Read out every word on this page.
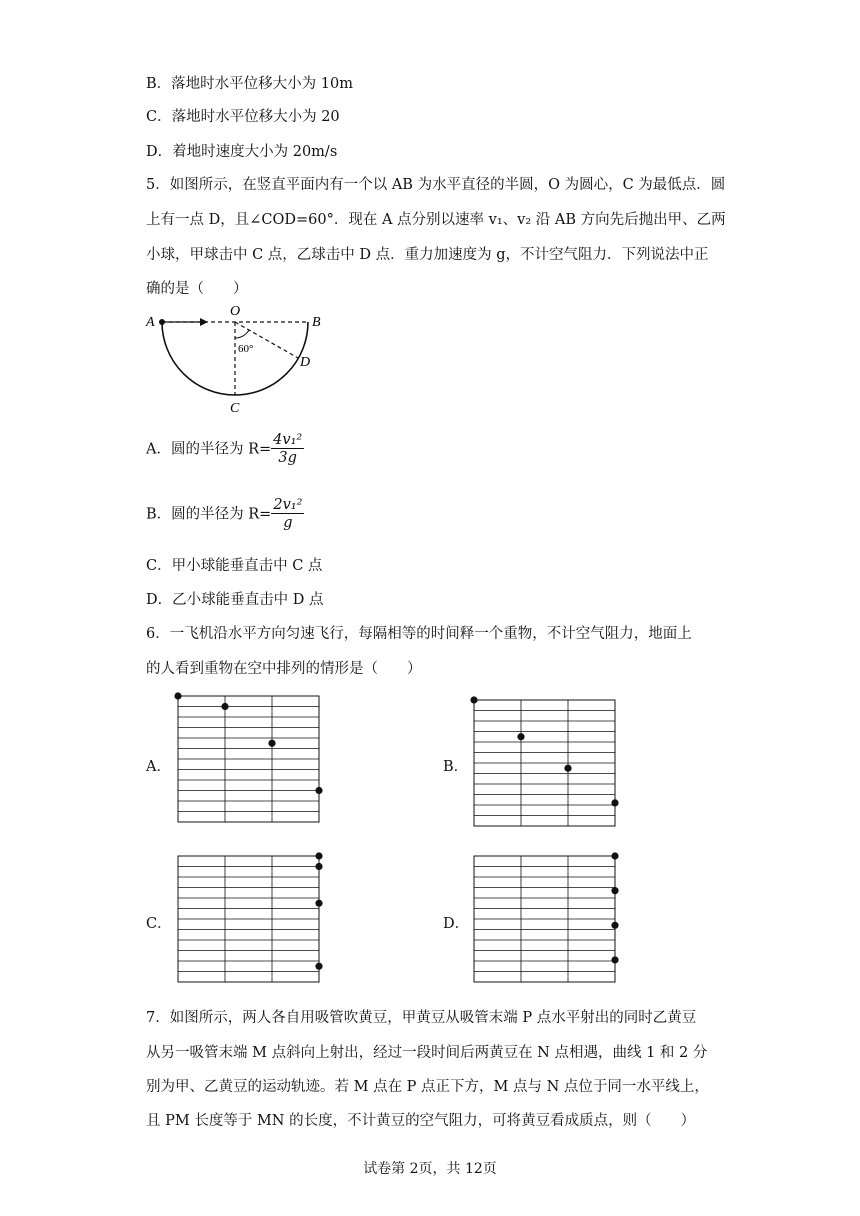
B．落地时水平位移大小为 10m
C．落地时水平位移大小为 20
D．着地时速度大小为 20m/s
5．如图所示，在竖直平面内有一个以 AB 为水平直径的半圆，O 为圆心，C 为最低点．圆
上有一点 D，且∠COD=60°．现在 A 点分别以速率 v₁、v₂ 沿 AB 方向先后抛出甲、乙两
小球，甲球击中 C 点，乙球击中 D 点．重力加速度为 g，不计空气阻力．下列说法中正
确的是（　　）
A
O
B
D
C
60°
A．圆的半径为 $R= \frac{\text{4v₁²}}{3g}$
B．圆的半径为 $R= \frac{\text{2v₁²}}{g}$
C．甲小球能垂直击中 C 点
D．乙小球能垂直击中 D 点
6．一飞机沿水平方向匀速飞行，每隔相等的时间释一个重物，不计空气阻力，地面上
的人看到重物在空中排列的情形是（　　）
A．	B．
C．	D．
7．如图所示，两人各自用吸管吹黄豆，甲黄豆从吸管末端 P 点水平射出的同时乙黄豆
从另一吸管末端 M 点斜向上射出，经过一段时间后两黄豆在 N 点相遇，曲线 1 和 2 分
别为甲、乙黄豆的运动轨迹。若 M 点在 P 点正下方，M 点与 N 点位于同一水平线上，
且 PM 长度等于 MN 的长度，不计黄豆的空气阻力，可将黄豆看成质点，则（　　）
试卷第 2页，共 12页
